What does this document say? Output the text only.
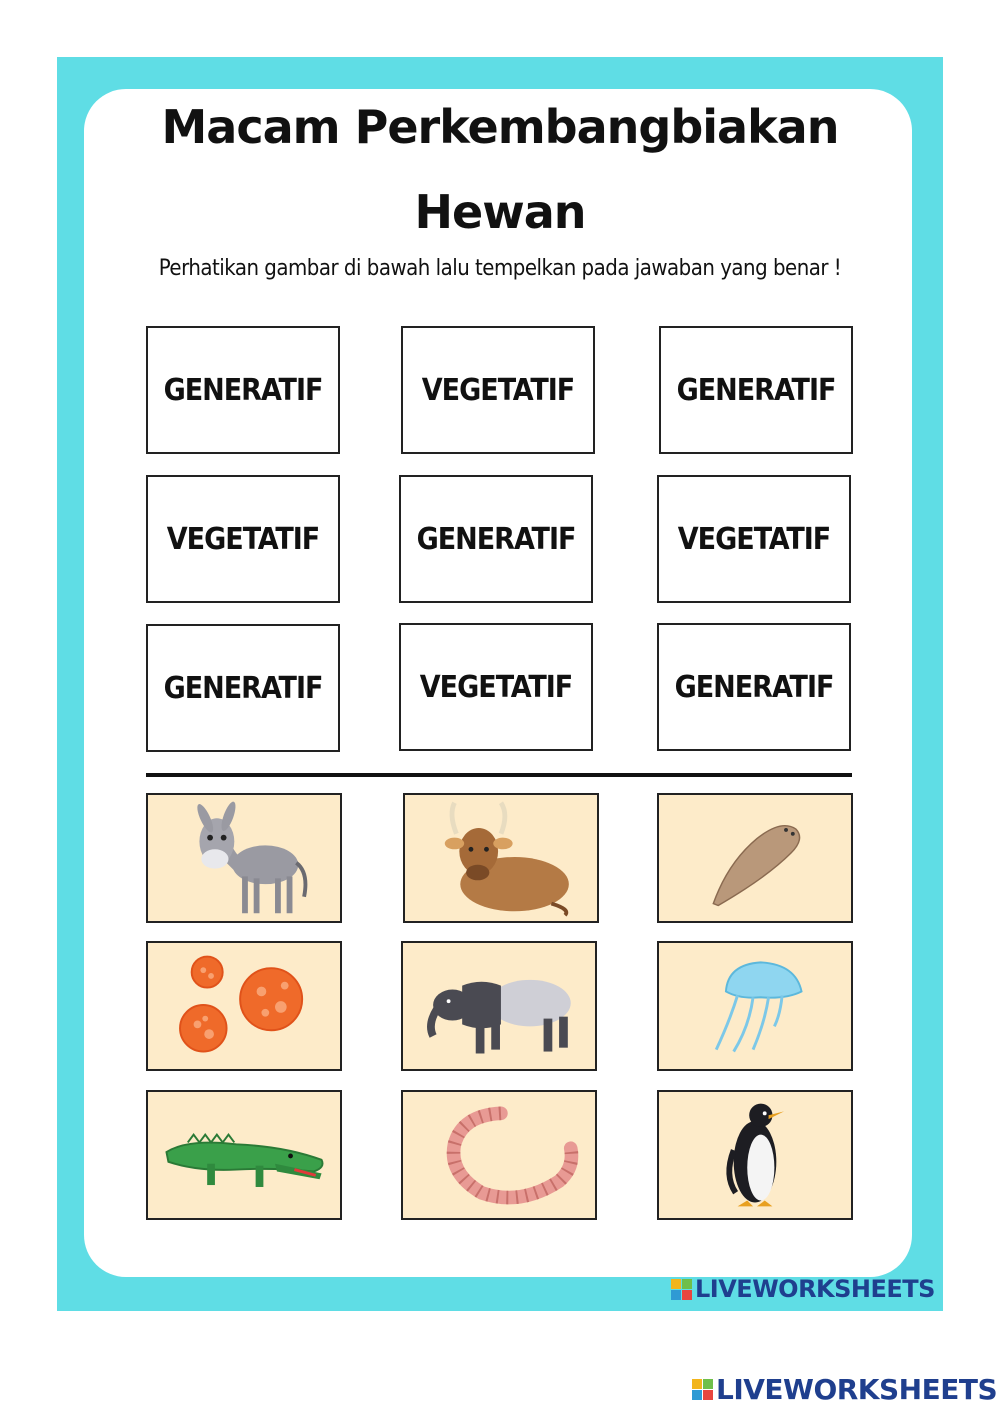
Macam Perkembangbiakan
Hewan
Perhatikan gambar di bawah lalu tempelkan pada jawaban yang benar !
GENERATIF	VEGETATIF	GENERATIF
VEGETATIF	GENERATIF	VEGETATIF
GENERATIF	VEGETATIF	GENERATIF
LIVEWORKSHEETS
LIVEWORKSHEETS
